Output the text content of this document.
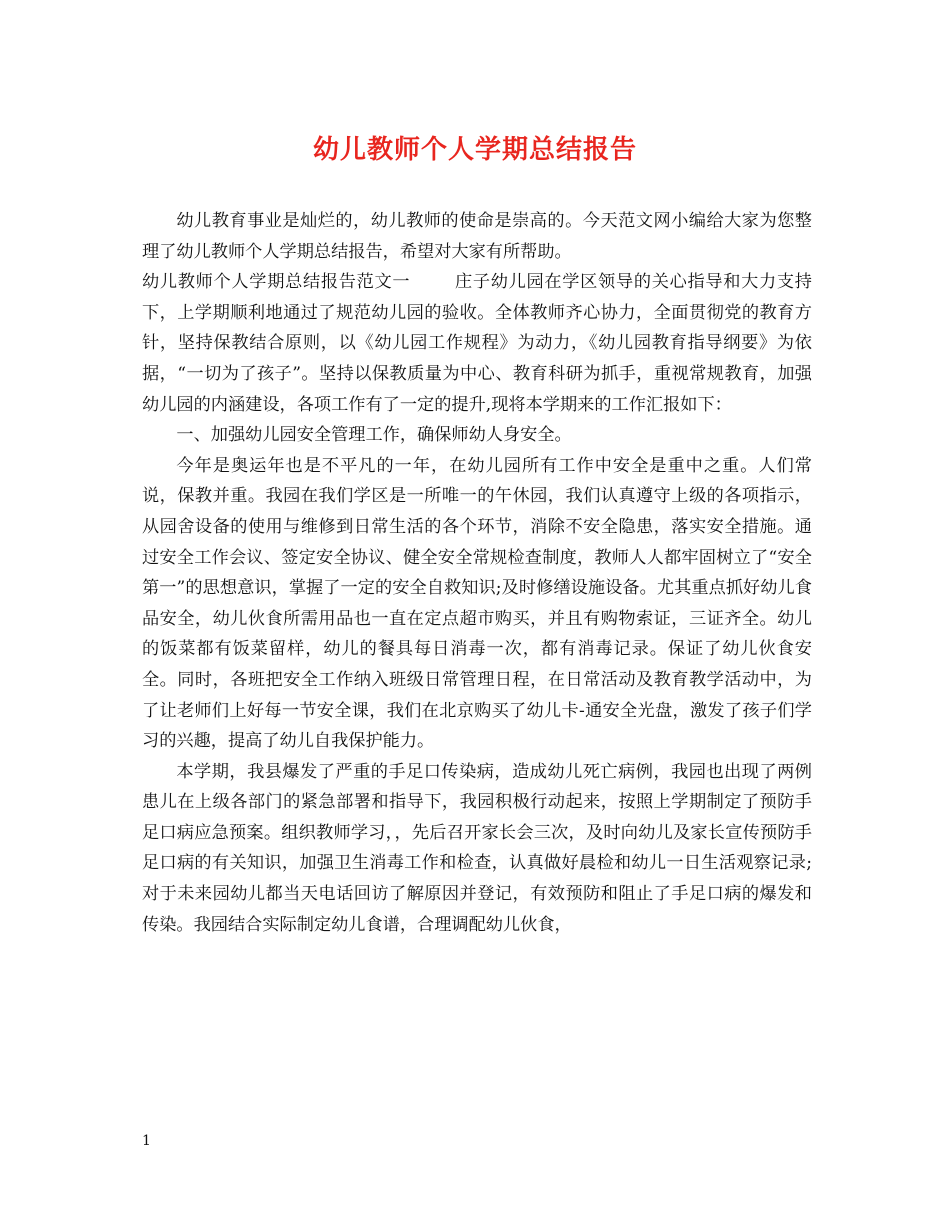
幼儿教师个人学期总结报告

幼儿教育事业是灿烂的，幼儿教师的使命是崇高的。今天范文网小编给大家为您整理了幼儿教师个人学期总结报告，希望对大家有所帮助。

幼儿教师个人学期总结报告范文一	庄子幼儿园在学区领导的关心指导和大力支持下，上学期顺利地通过了规范幼儿园的验收。全体教师齐心协力，全面贯彻党的教育方针，坚持保教结合原则，以《幼儿园工作规程》为动力，《幼儿园教育指导纲要》为依据，“一切为了孩子”。坚持以保教质量为中心、教育科研为抓手，重视常规教育，加强幼儿园的内涵建设，各项工作有了一定的提升,现将本学期来的工作汇报如下：

一、加强幼儿园安全管理工作，确保师幼人身安全。

今年是奥运年也是不平凡的一年，在幼儿园所有工作中安全是重中之重。人们常说，保教并重。我园在我们学区是一所唯一的午休园，我们认真遵守上级的各项指示，从园舍设备的使用与维修到日常生活的各个环节，消除不安全隐患，落实安全措施。通过安全工作会议、签定安全协议、健全安全常规检查制度，教师人人都牢固树立了“安全第一”的思想意识，掌握了一定的安全自救知识;及时修缮设施设备。尤其重点抓好幼儿食品安全，幼儿伙食所需用品也一直在定点超市购买，并且有购物索证，三证齐全。幼儿的饭菜都有饭菜留样，幼儿的餐具每日消毒一次，都有消毒记录。保证了幼儿伙食安全。同时，各班把安全工作纳入班级日常管理日程，在日常活动及教育教学活动中，为了让老师们上好每一节安全课，我们在北京购买了幼儿卡-通安全光盘，激发了孩子们学习的兴趣，提高了幼儿自我保护能力。

本学期，我县爆发了严重的手足口传染病，造成幼儿死亡病例，我园也出现了两例患儿在上级各部门的紧急部署和指导下，我园积极行动起来，按照上学期制定了预防手足口病应急预案。组织教师学习，，先后召开家长会三次，及时向幼儿及家长宣传预防手足口病的有关知识，加强卫生消毒工作和检查，认真做好晨检和幼儿一日生活观察记录;对于未来园幼儿都当天电话回访了解原因并登记，有效预防和阻止了手足口病的爆发和传染。我园结合实际制定幼儿食谱，合理调配幼儿伙食，

1
